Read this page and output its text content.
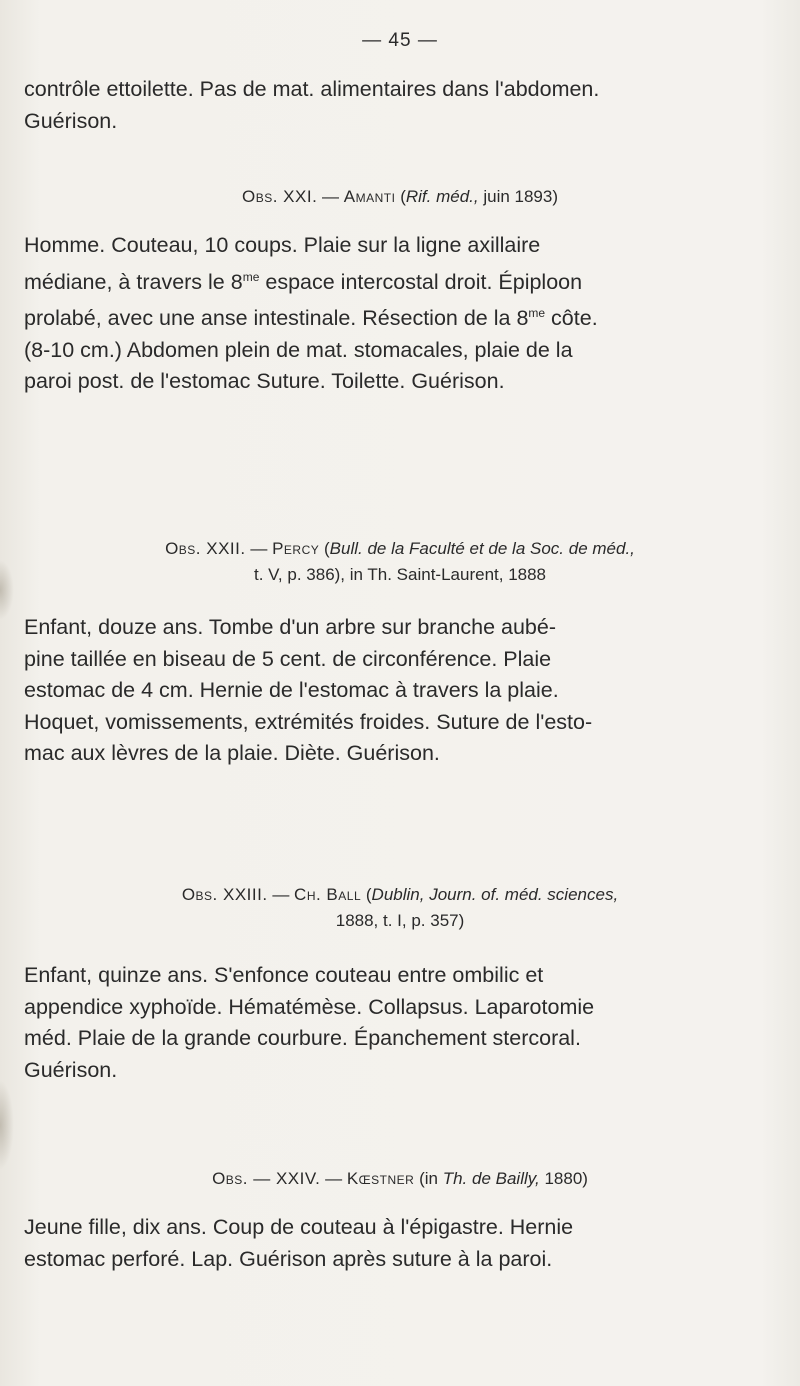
— 45 —

contrôle ettoilette. Pas de mat. alimentaires dans l'abdomen.
Guérison.

Obs. XXI. — Amanti (Rif. méd., juin 1893)

Homme. Couteau, 10 coups. Plaie sur la ligne axillaire
médiane, à travers le $8^{me}$ espace intercostal droit. Épiploon
prolabé, avec une anse intestinale. Résection de la $8^{me}$ côte.
(8-10 cm.) Abdomen plein de mat. stomacales, plaie de la
paroi post. de l'estomac Suture. Toilette. Guérison.

Obs. XXII. — Percy (Bull. de la Faculté et de la Soc. de méd.,
t. V, p. 386), in Th. Saint-Laurent, 1888

Enfant, douze ans. Tombe d'un arbre sur branche aubé-
pine taillée en biseau de 5 cent. de circonférence. Plaie
estomac de 4 cm. Hernie de l'estomac à travers la plaie.
Hoquet, vomissements, extrémités froides. Suture de l'esto-
mac aux lèvres de la plaie. Diète. Guérison.

Obs. XXIII. — Ch. Ball (Dublin, Journ. of. méd. sciences,
1888, t. I, p. 357)

Enfant, quinze ans. S'enfonce couteau entre ombilic et
appendice xyphoïde. Hématémèse. Collapsus. Laparotomie
méd. Plaie de la grande courbure. Épanchement stercoral.
Guérison.

Obs. — XXIV. — Kœstner (in Th. de Bailly, 1880)

Jeune fille, dix ans. Coup de couteau à l'épigastre. Hernie
estomac perforé. Lap. Guérison après suture à la paroi.
